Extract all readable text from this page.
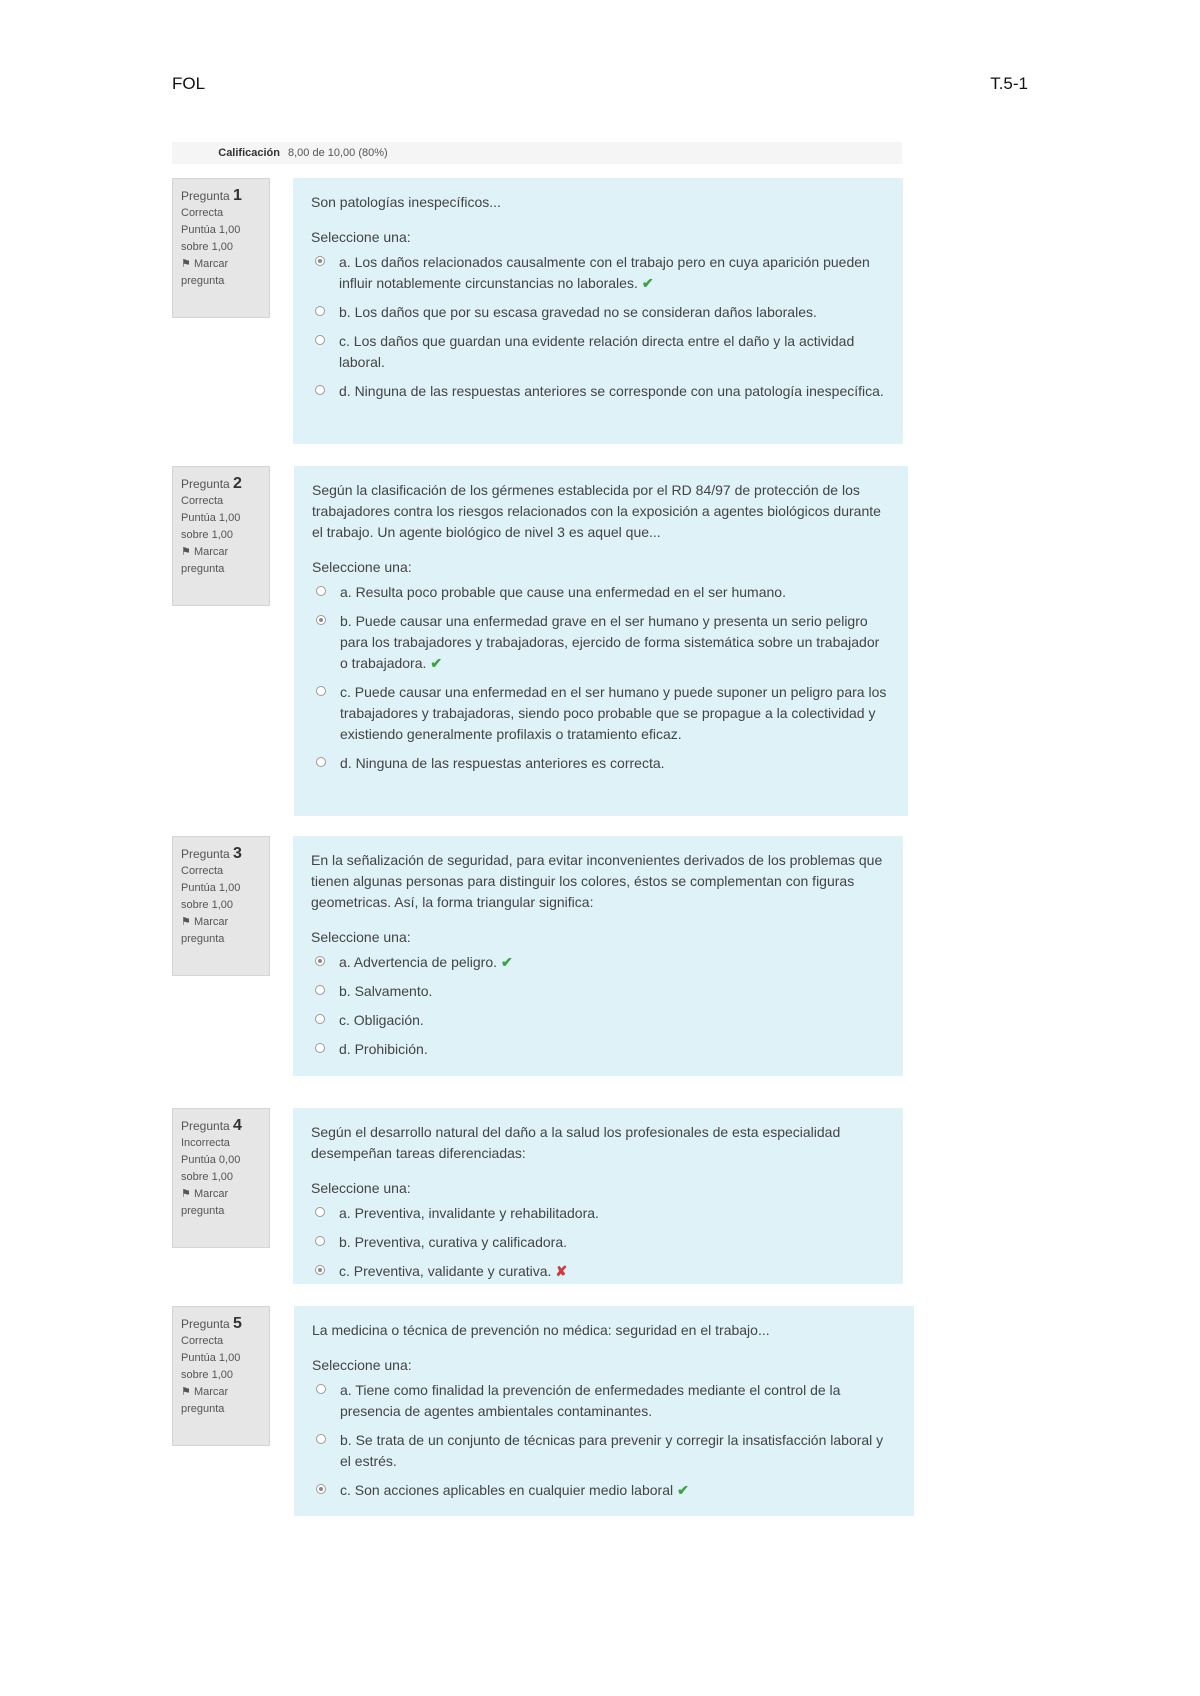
FOL	T.5-1
Calificación 8,00 de 10,00 (80%)
Pregunta 1
Correcta
Puntúa 1,00
sobre 1,00
⚑ Marcar pregunta

Son patologías inespecíficos...

Seleccione una:

a. Los daños relacionados causalmente con el trabajo pero en cuya aparición pueden influir notablemente circunstancias no laborales. ✔
b. Los daños que por su escasa gravedad no se consideran daños laborales.
c. Los daños que guardan una evidente relación directa entre el daño y la actividad laboral.
d. Ninguna de las respuestas anteriores se corresponde con una patología inespecífica.
Pregunta 2
Correcta
Puntúa 1,00
sobre 1,00
⚑ Marcar pregunta

Según la clasificación de los gérmenes establecida por el RD 84/97 de protección de los trabajadores contra los riesgos relacionados con la exposición a agentes biológicos durante el trabajo. Un agente biológico de nivel 3 es aquel que...

Seleccione una:

a. Resulta poco probable que cause una enfermedad en el ser humano.
b. Puede causar una enfermedad grave en el ser humano y presenta un serio peligro para los trabajadores y trabajadoras, ejercido de forma sistemática sobre un trabajador o trabajadora. ✔
c. Puede causar una enfermedad en el ser humano y puede suponer un peligro para los trabajadores y trabajadoras, siendo poco probable que se propague a la colectividad y existiendo generalmente profilaxis o tratamiento eficaz.
d. Ninguna de las respuestas anteriores es correcta.
Pregunta 3
Correcta
Puntúa 1,00
sobre 1,00
⚑ Marcar pregunta

En la señalización de seguridad, para evitar inconvenientes derivados de los problemas que tienen algunas personas para distinguir los colores, éstos se complementan con figuras geometricas. Así, la forma triangular significa:

Seleccione una:

a. Advertencia de peligro. ✔
b. Salvamento.
c. Obligación.
d. Prohibición.
Pregunta 4
Incorrecta
Puntúa 0,00
sobre 1,00
⚑ Marcar pregunta

Según el desarrollo natural del daño a la salud los profesionales de esta especialidad desempeñan tareas diferenciadas:

Seleccione una:

a. Preventiva, invalidante y rehabilitadora.
b. Preventiva, curativa y calificadora.
c. Preventiva, validante y curativa. ✘
Pregunta 5
Correcta
Puntúa 1,00
sobre 1,00
⚑ Marcar pregunta

La medicina o técnica de prevención no médica: seguridad en el trabajo...

Seleccione una:

a. Tiene como finalidad la prevención de enfermedades mediante el control de la presencia de agentes ambientales contaminantes.
b. Se trata de un conjunto de técnicas para prevenir y corregir la insatisfacción laboral y el estrés.
c. Son acciones aplicables en cualquier medio laboral ✔
